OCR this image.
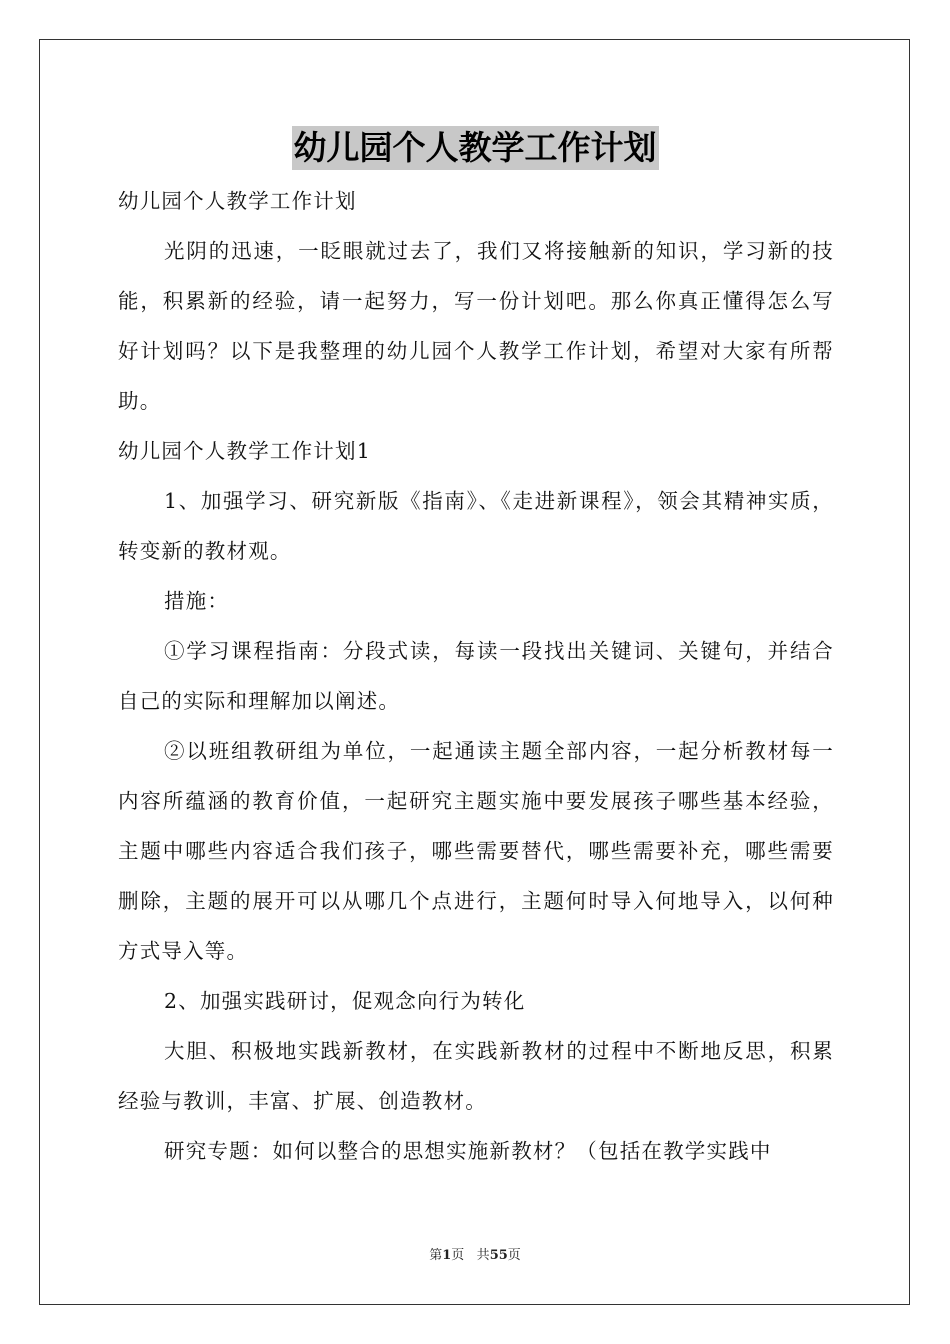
幼儿园个人教学工作计划

幼儿园个人教学工作计划

光阴的迅速，一眨眼就过去了，我们又将接触新的知识，学习新的技能，积累新的经验，请一起努力，写一份计划吧。那么你真正懂得怎么写好计划吗？以下是我整理的幼儿园个人教学工作计划，希望对大家有所帮助。

幼儿园个人教学工作计划1

1、加强学习、研究新版《指南》、《走进新课程》，领会其精神实质，转变新的教材观。

措施：

①学习课程指南：分段式读，每读一段找出关键词、关键句，并结合自己的实际和理解加以阐述。

②以班组教研组为单位，一起通读主题全部内容，一起分析教材每一内容所蕴涵的教育价值，一起研究主题实施中要发展孩子哪些基本经验，主题中哪些内容适合我们孩子，哪些需要替代，哪些需要补充，哪些需要删除，主题的展开可以从哪几个点进行，主题何时导入何地导入，以何种方式导入等。

2、加强实践研讨，促观念向行为转化

大胆、积极地实践新教材，在实践新教材的过程中不断地反思，积累经验与教训，丰富、扩展、创造教材。

研究专题：如何以整合的思想实施新教材？（包括在教学实践中

第1页 共55页
